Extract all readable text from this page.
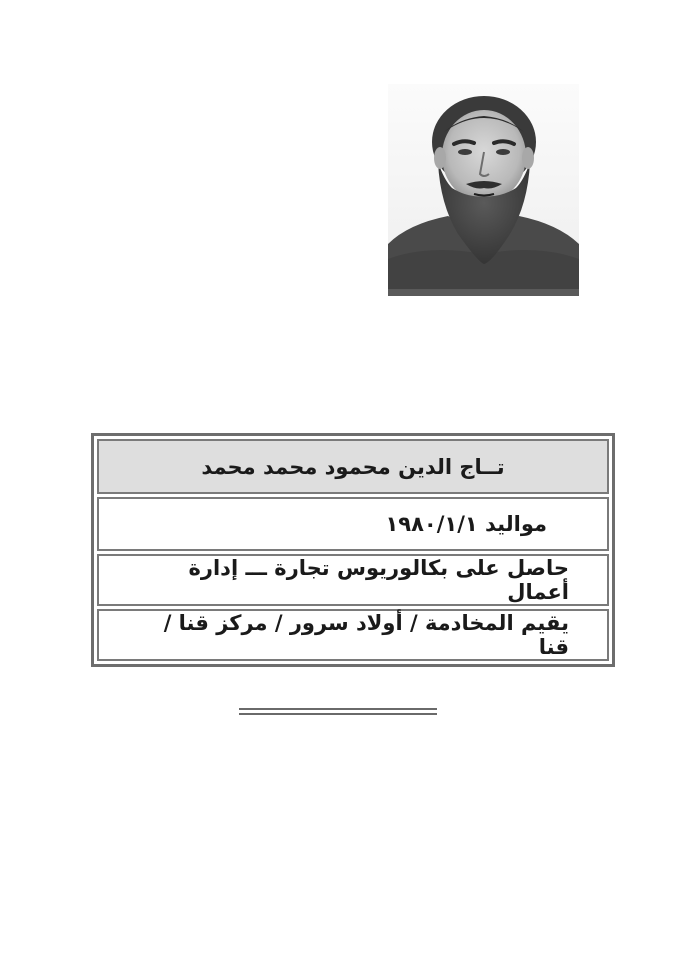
تــاج الدين محمود محمد محمد
مواليد ١٩٨٠/١/١
حاصل على بكالوريوس تجارة ـــ إدارة أعمال
يقيم المخادمة / أولاد سرور / مركز قنا / قنا
